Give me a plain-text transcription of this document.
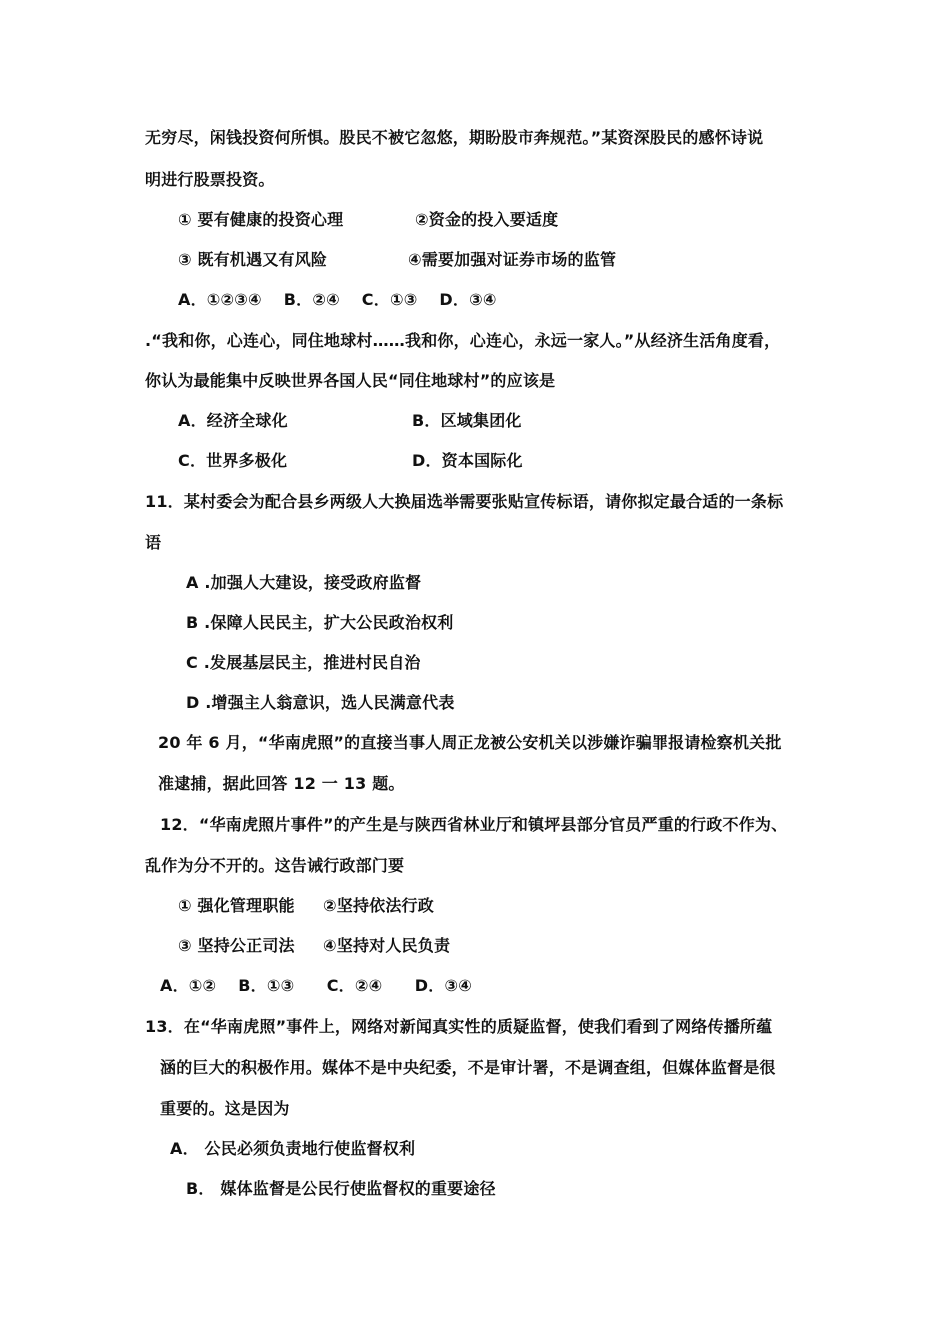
无穷尽，闲钱投资何所惧。股民不被它忽悠，期盼股市奔规范。”某资深股民的感怀诗说
明进行股票投资。
① 要有健康的投资心理	②资金的投入要适度
③ 既有机遇又有风险	④需要加强对证券市场的监管
A．①②③④　 B．②④　 C．①③　 D．③④
.“我和你，心连心，同住地球村……我和你，心连心，永远一家人。”从经济生活角度看，
你认为最能集中反映世界各国人民“同住地球村”的应该是
A．经济全球化	B．区域集团化
C．世界多极化	D．资本国际化
11．某村委会为配合县乡两级人大换届选举需要张贴宣传标语，请你拟定最合适的一条标
语
A .加强人大建设，接受政府监督
B .保障人民民主，扩大公民政治权利
C .发展基层民主，推进村民自治
D .增强主人翁意识，选人民满意代表
20 年 6 月，“华南虎照”的直接当事人周正龙被公安机关以涉嫌诈骗罪报请检察机关批
准逮捕，据此回答 12 一 13 题。
12．“华南虎照片事件”的产生是与陕西省林业厅和镇坪县部分官员严重的行政不作为、
乱作为分不开的。这告诫行政部门要
① 强化管理职能 ②坚持依法行政
③ 坚持公正司法 ④坚持对人民负责
A．①②　 B．①③　　C．②④　　D．③④
13．在“华南虎照”事件上，网络对新闻真实性的质疑监督，使我们看到了网络传播所蕴
涵的巨大的积极作用。媒体不是中央纪委，不是审计署，不是调查组，但媒体监督是很
重要的。这是因为
A． 公民必须负责地行使监督权利
B． 媒体监督是公民行使监督权的重要途径
